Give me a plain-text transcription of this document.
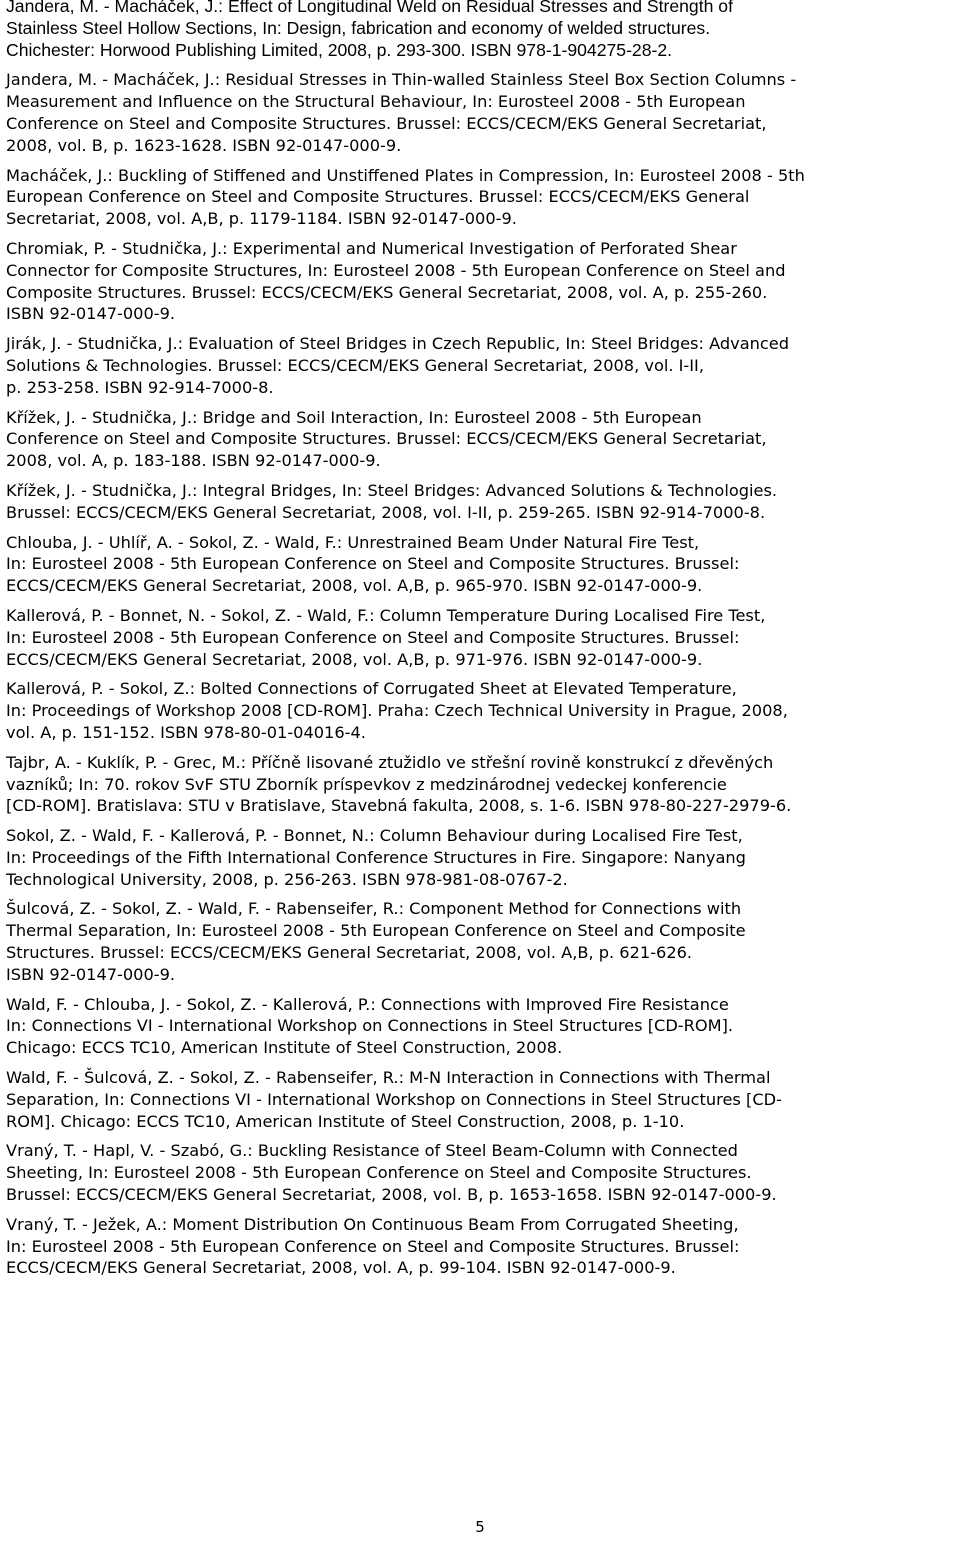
Jandera, M. - Macháček, J.: Effect of Longitudinal Weld on Residual Stresses and Strength of
Stainless Steel Hollow Sections, In: Design, fabrication and economy of welded structures.
Chichester: Horwood Publishing Limited, 2008, p. 293-300. ISBN 978-1-904275-28-2.
Jandera, M. - Macháček, J.: Residual Stresses in Thin-walled Stainless Steel Box Section Columns -
Measurement and Influence on the Structural Behaviour, In: Eurosteel 2008 - 5th European
Conference on Steel and Composite Structures. Brussel: ECCS/CECM/EKS General Secretariat,
2008, vol. B, p. 1623-1628. ISBN 92-0147-000-9.
Macháček, J.: Buckling of Stiffened and Unstiffened Plates in Compression, In: Eurosteel 2008 - 5th
European Conference on Steel and Composite Structures. Brussel: ECCS/CECM/EKS General
Secretariat, 2008, vol. A,B, p. 1179-1184. ISBN 92-0147-000-9.
Chromiak, P. - Studnička, J.: Experimental and Numerical Investigation of Perforated Shear
Connector for Composite Structures, In: Eurosteel 2008 - 5th European Conference on Steel and
Composite Structures. Brussel: ECCS/CECM/EKS General Secretariat, 2008, vol. A, p. 255-260.
ISBN 92-0147-000-9.
Jirák, J. - Studnička, J.: Evaluation of Steel Bridges in Czech Republic, In: Steel Bridges: Advanced
Solutions & Technologies. Brussel: ECCS/CECM/EKS General Secretariat, 2008, vol. I-II,
p. 253-258. ISBN 92-914-7000-8.
Křížek, J. - Studnička, J.: Bridge and Soil Interaction, In: Eurosteel 2008 - 5th European
Conference on Steel and Composite Structures. Brussel: ECCS/CECM/EKS General Secretariat,
2008, vol. A, p. 183-188. ISBN 92-0147-000-9.
Křížek, J. - Studnička, J.: Integral Bridges, In: Steel Bridges: Advanced Solutions & Technologies.
Brussel: ECCS/CECM/EKS General Secretariat, 2008, vol. I-II, p. 259-265. ISBN 92-914-7000-8.
Chlouba, J. - Uhlíř, A. - Sokol, Z. - Wald, F.: Unrestrained Beam Under Natural Fire Test,
In: Eurosteel 2008 - 5th European Conference on Steel and Composite Structures. Brussel:
ECCS/CECM/EKS General Secretariat, 2008, vol. A,B, p. 965-970. ISBN 92-0147-000-9.
Kallerová, P. - Bonnet, N. - Sokol, Z. - Wald, F.: Column Temperature During Localised Fire Test,
In: Eurosteel 2008 - 5th European Conference on Steel and Composite Structures. Brussel:
ECCS/CECM/EKS General Secretariat, 2008, vol. A,B, p. 971-976. ISBN 92-0147-000-9.
Kallerová, P. - Sokol, Z.: Bolted Connections of Corrugated Sheet at Elevated Temperature,
In: Proceedings of Workshop 2008 [CD-ROM]. Praha: Czech Technical University in Prague, 2008,
vol. A, p. 151-152. ISBN 978-80-01-04016-4.
Tajbr, A. - Kuklík, P. - Grec, M.: Příčně lisované ztužidlo ve střešní rovině konstrukcí z dřevěných
vazníků; In: 70. rokov SvF STU Zborník príspevkov z medzinárodnej vedeckej konferencie
[CD-ROM]. Bratislava: STU v Bratislave, Stavebná fakulta, 2008, s. 1-6. ISBN 978-80-227-2979-6.
Sokol, Z. - Wald, F. - Kallerová, P. - Bonnet, N.: Column Behaviour during Localised Fire Test,
In: Proceedings of the Fifth International Conference Structures in Fire. Singapore: Nanyang
Technological University, 2008, p. 256-263. ISBN 978-981-08-0767-2.
Šulcová, Z. - Sokol, Z. - Wald, F. - Rabenseifer, R.: Component Method for Connections with
Thermal Separation, In: Eurosteel 2008 - 5th European Conference on Steel and Composite
Structures. Brussel: ECCS/CECM/EKS General Secretariat, 2008, vol. A,B, p. 621-626.
ISBN 92-0147-000-9.
Wald, F. - Chlouba, J. - Sokol, Z. - Kallerová, P.: Connections with Improved Fire Resistance
In: Connections VI - International Workshop on Connections in Steel Structures [CD-ROM].
Chicago: ECCS TC10, American Institute of Steel Construction, 2008.
Wald, F. - Šulcová, Z. - Sokol, Z. - Rabenseifer, R.: M-N Interaction in Connections with Thermal
Separation, In: Connections VI - International Workshop on Connections in Steel Structures [CD-
ROM]. Chicago: ECCS TC10, American Institute of Steel Construction, 2008, p. 1-10.
Vraný, T. - Hapl, V. - Szabó, G.: Buckling Resistance of Steel Beam-Column with Connected
Sheeting, In: Eurosteel 2008 - 5th European Conference on Steel and Composite Structures.
Brussel: ECCS/CECM/EKS General Secretariat, 2008, vol. B, p. 1653-1658. ISBN 92-0147-000-9.
Vraný, T. - Ježek, A.: Moment Distribution On Continuous Beam From Corrugated Sheeting,
In: Eurosteel 2008 - 5th European Conference on Steel and Composite Structures. Brussel:
ECCS/CECM/EKS General Secretariat, 2008, vol. A, p. 99-104. ISBN 92-0147-000-9.
5
